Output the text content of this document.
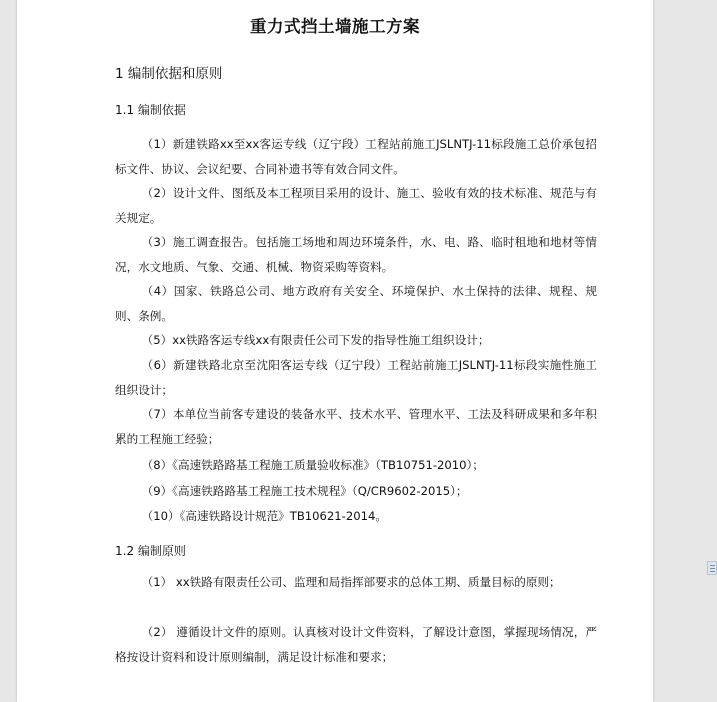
重力式挡土墙施工方案
1 编制依据和原则
1.1 编制依据

（1）新建铁路xx至xx客运专线（辽宁段）工程站前施工JSLNTJ-11标段施工总价承包招标文件、协议、会议纪要、合同补遗书等有效合同文件。

（2）设计文件、图纸及本工程项目采用的设计、施工、验收有效的技术标准、规范与有关规定。

（3）施工调查报告。包括施工场地和周边环境条件，水、电、路、临时租地和地材等情况，水文地质、气象、交通、机械、物资采购等资料。

（4）国家、铁路总公司、地方政府有关安全、环境保护、水土保持的法律、规程、规则、条例。

（5）xx铁路客运专线xx有限责任公司下发的指导性施工组织设计；

（6）新建铁路北京至沈阳客运专线（辽宁段）工程站前施工JSLNTJ-11标段实施性施工组织设计；

（7）本单位当前客专建设的装备水平、技术水平、管理水平、工法及科研成果和多年积累的工程施工经验；

（8）《高速铁路路基工程施工质量验收标准》（TB10751-2010）；

（9）《高速铁路路基工程施工技术规程》（Q/CR9602-2015）；

（10）《高速铁路设计规范》TB10621-2014。

1.2 编制原则

（1） xx铁路有限责任公司、监理和局指挥部要求的总体工期、质量目标的原则；

（2） 遵循设计文件的原则。认真核对设计文件资料，了解设计意图，掌握现场情况，严格按设计资料和设计原则编制，满足设计标准和要求；
